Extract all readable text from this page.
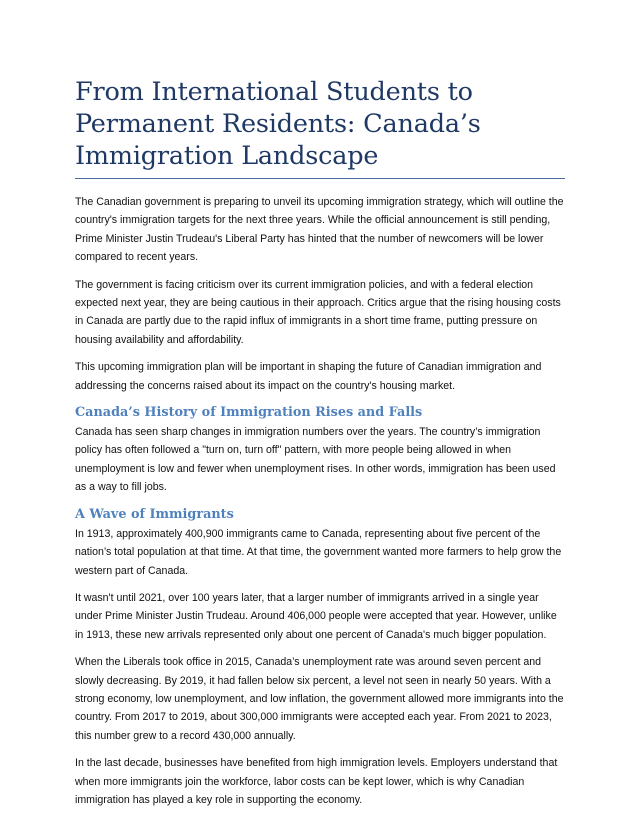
From International Students to Permanent Residents: Canada’s Immigration Landscape

The Canadian government is preparing to unveil its upcoming immigration strategy, which will outline the country's immigration targets for the next three years. While the official announcement is still pending, Prime Minister Justin Trudeau's Liberal Party has hinted that the number of newcomers will be lower compared to recent years.

The government is facing criticism over its current immigration policies, and with a federal election expected next year, they are being cautious in their approach. Critics argue that the rising housing costs in Canada are partly due to the rapid influx of immigrants in a short time frame, putting pressure on housing availability and affordability.

This upcoming immigration plan will be important in shaping the future of Canadian immigration and addressing the concerns raised about its impact on the country's housing market.

Canada’s History of Immigration Rises and Falls

Canada has seen sharp changes in immigration numbers over the years. The country’s immigration policy has often followed a "turn on, turn off" pattern, with more people being allowed in when unemployment is low and fewer when unemployment rises. In other words, immigration has been used as a way to fill jobs.

A Wave of Immigrants

In 1913, approximately 400,900 immigrants came to Canada, representing about five percent of the nation’s total population at that time. At that time, the government wanted more farmers to help grow the western part of Canada.

It wasn't until 2021, over 100 years later, that a larger number of immigrants arrived in a single year under Prime Minister Justin Trudeau. Around 406,000 people were accepted that year. However, unlike in 1913, these new arrivals represented only about one percent of Canada's much bigger population.

When the Liberals took office in 2015, Canada’s unemployment rate was around seven percent and slowly decreasing. By 2019, it had fallen below six percent, a level not seen in nearly 50 years. With a strong economy, low unemployment, and low inflation, the government allowed more immigrants into the country. From 2017 to 2019, about 300,000 immigrants were accepted each year. From 2021 to 2023, this number grew to a record 430,000 annually.

In the last decade, businesses have benefited from high immigration levels. Employers understand that when more immigrants join the workforce, labor costs can be kept lower, which is why Canadian immigration has played a key role in supporting the economy.
